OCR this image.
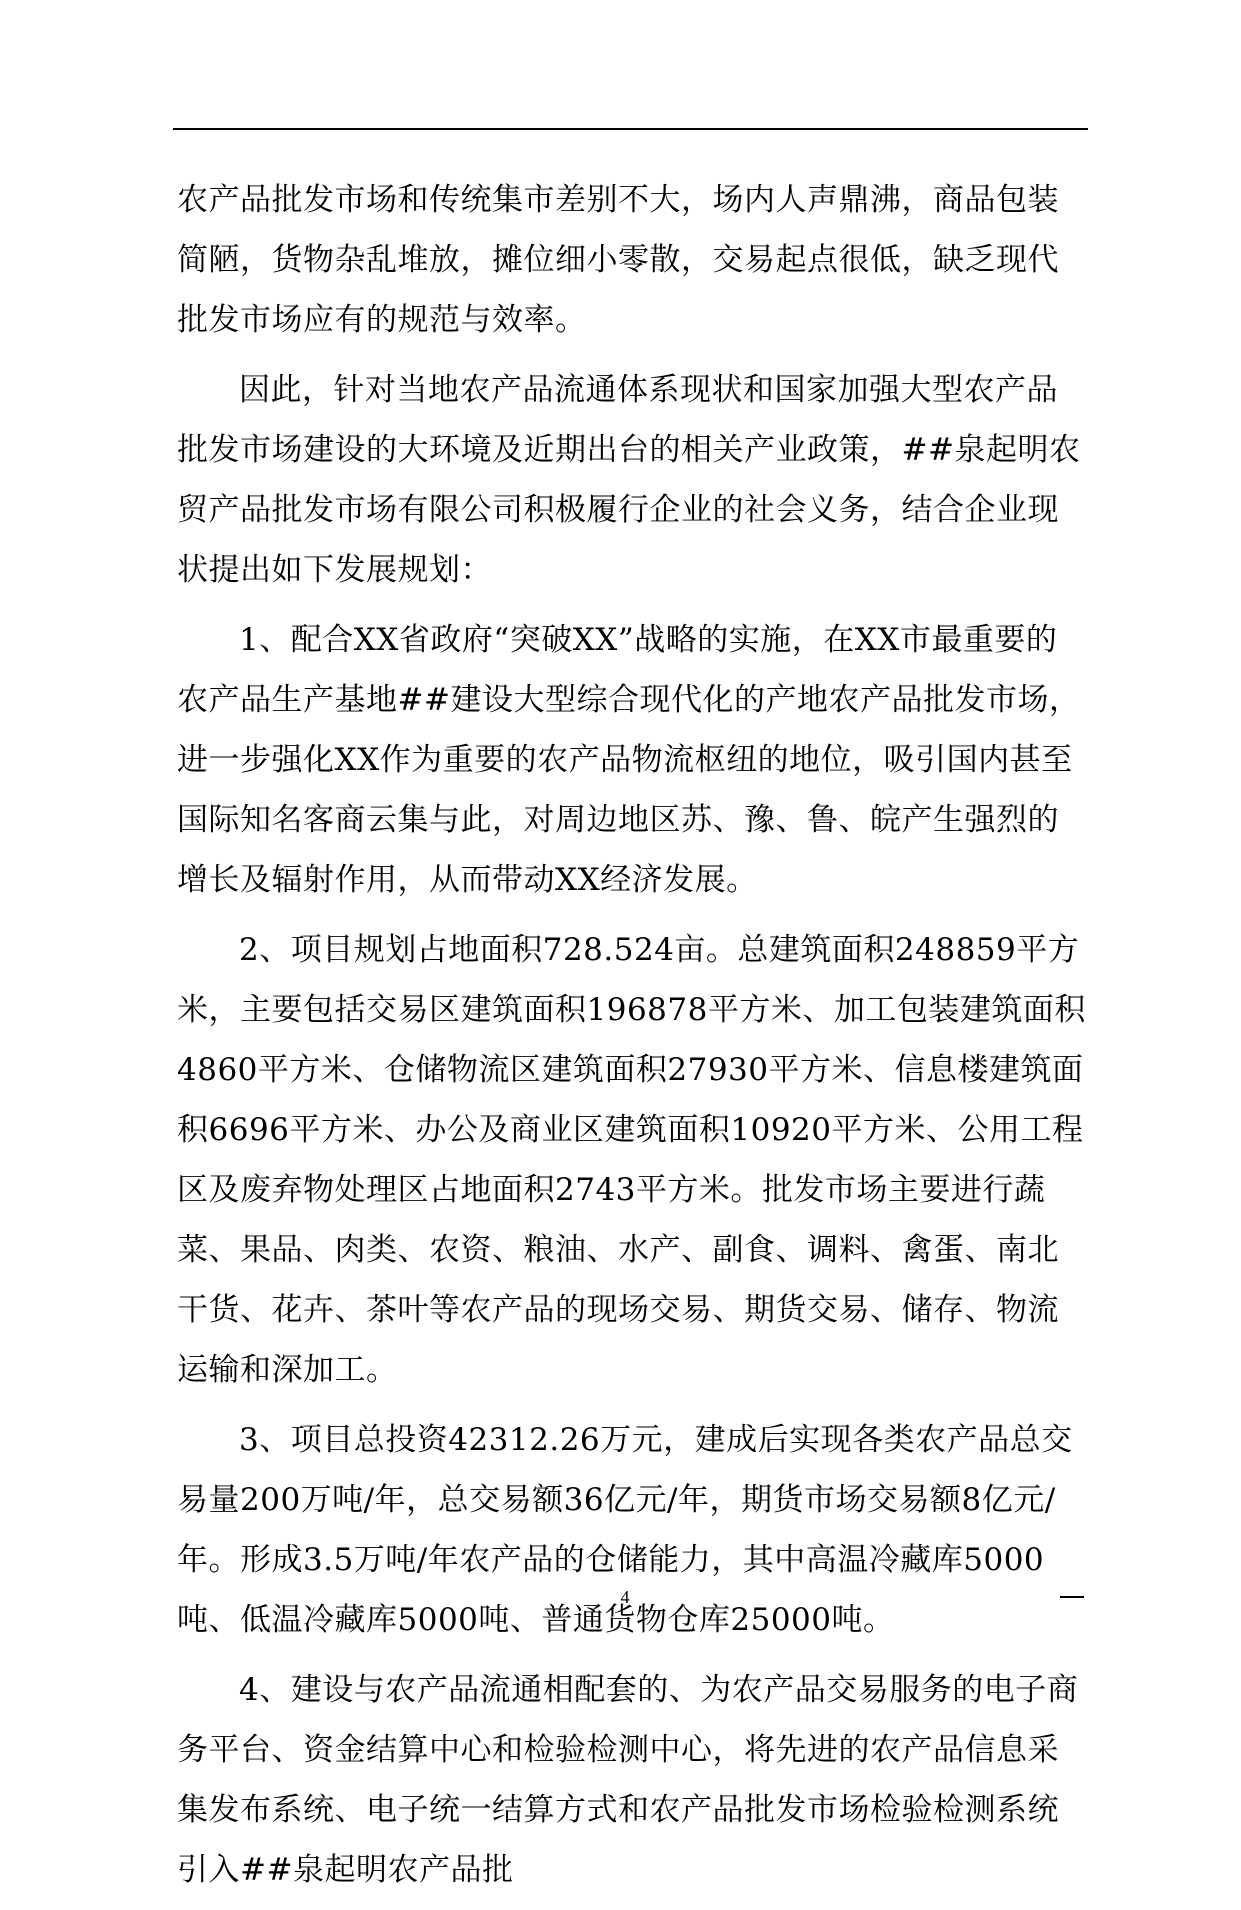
农产品批发市场和传统集市差别不大，场内人声鼎沸，商品包装简陋，货物杂乱堆放，摊位细小零散，交易起点很低，缺乏现代批发市场应有的规范与效率。

因此，针对当地农产品流通体系现状和国家加强大型农产品批发市场建设的大环境及近期出台的相关产业政策，##泉起明农贸产品批发市场有限公司积极履行企业的社会义务，结合企业现状提出如下发展规划：

1、配合XX省政府“突破XX”战略的实施，在XX市最重要的农产品生产基地##建设大型综合现代化的产地农产品批发市场，进一步强化XX作为重要的农产品物流枢纽的地位，吸引国内甚至国际知名客商云集与此，对周边地区苏、豫、鲁、皖产生强烈的增长及辐射作用，从而带动XX经济发展。

2、项目规划占地面积728.524亩。总建筑面积248859平方米，主要包括交易区建筑面积196878平方米、加工包装建筑面积4860平方米、仓储物流区建筑面积27930平方米、信息楼建筑面积6696平方米、办公及商业区建筑面积10920平方米、公用工程区及废弃物处理区占地面积2743平方米。批发市场主要进行蔬菜、果品、肉类、农资、粮油、水产、副食、调料、禽蛋、南北干货、花卉、茶叶等农产品的现场交易、期货交易、储存、物流运输和深加工。

3、项目总投资42312.26万元，建成后实现各类农产品总交易量200万吨/年，总交易额36亿元/年，期货市场交易额8亿元/年。形成3.5万吨/年农产品的仓储能力，其中高温冷藏库5000吨、低温冷藏库5000吨、普通货物仓库25000吨。

4、建设与农产品流通相配套的、为农产品交易服务的电子商务平台、资金结算中心和检验检测中心，将先进的农产品信息采集发布系统、电子统一结算方式和农产品批发市场检验检测系统引入##泉起明农产品批

4
